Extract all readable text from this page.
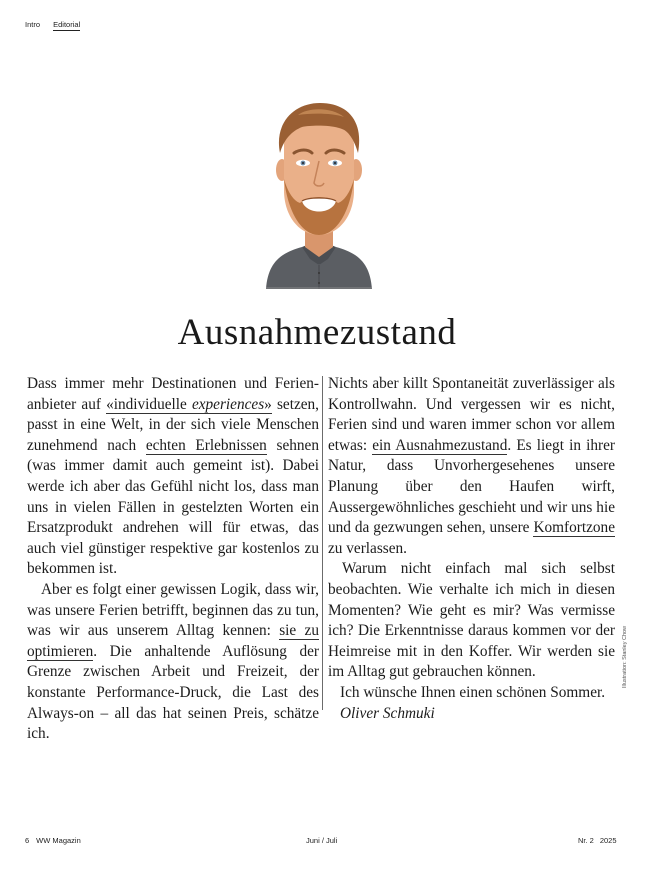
Intro Editorial
Ausnahmezustand

Dass immer mehr Destinationen und Ferienanbieter auf «individuelle experiences» setzen, passt in eine Welt, in der sich viele Menschen zunehmend nach echten Erlebnissen sehnen (was immer damit auch gemeint ist). Dabei werde ich aber das Gefühl nicht los, dass man uns in vielen Fällen in gestelzten Worten ein Ersatzprodukt andrehen will für etwas, das auch viel günstiger respektive gar kostenlos zu bekommen ist.

Aber es folgt einer gewissen Logik, dass wir, was unsere Ferien betrifft, beginnen das zu tun, was wir aus unserem Alltag kennen: sie zu optimieren. Die anhaltende Auflösung der Grenze zwischen Arbeit und Freizeit, der konstante Performance-Druck, die Last des Always-on – all das hat seinen Preis, schätze ich.

Nichts aber killt Spontaneität zuverlässiger als Kontrollwahn. Und vergessen wir es nicht, Ferien sind und waren immer schon vor allem etwas: ein Ausnahmezustand. Es liegt in ihrer Natur, dass Unvorhergesehenes unsere Planung über den Haufen wirft, Aussergewöhnliches geschieht und wir uns hie und da gezwungen sehen, unsere Komfortzone zu verlassen.

Warum nicht einfach mal sich selbst beobachten. Wie verhalte ich mich in diesen Momenten? Wie geht es mir? Was vermisse ich? Die Erkenntnisse daraus kommen vor der Heimreise mit in den Koffer. Wir werden sie im Alltag gut gebrauchen können.

Ich wünsche Ihnen einen schönen Sommer.

Oliver Schmuki

Illustration: Stanley Chow
6 WW Magazin	Juni / Juli	Nr. 2 2025
